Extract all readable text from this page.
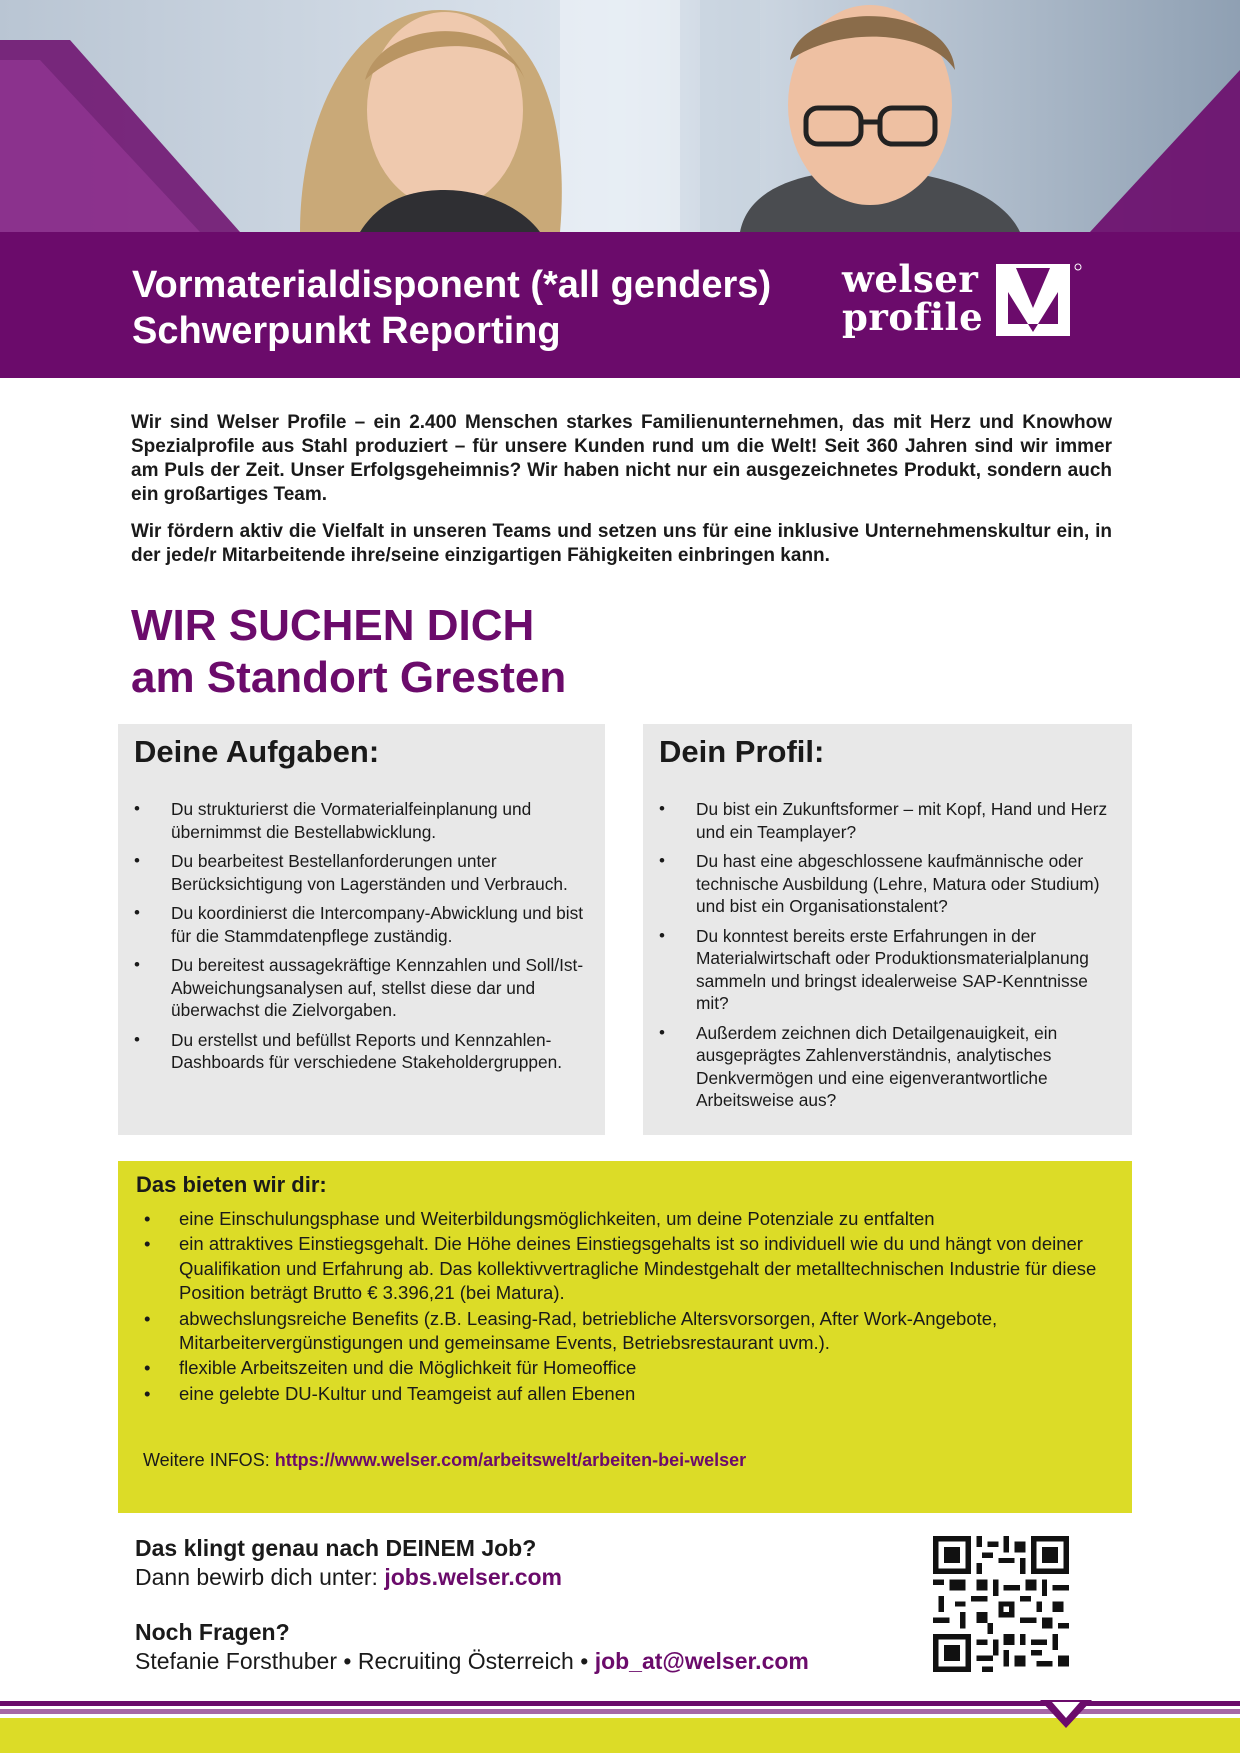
Vormaterialdisponent (*all genders)
Schwerpunkt Reporting
welser
profile

Wir sind Welser Profile – ein 2.400 Menschen starkes Familienunternehmen, das mit Herz und Knowhow Spezialprofile aus Stahl produziert – für unsere Kunden rund um die Welt! Seit 360 Jahren sind wir immer am Puls der Zeit. Unser Erfolgsgeheimnis? Wir haben nicht nur ein ausgezeichnetes Produkt, sondern auch ein großartiges Team.

Wir fördern aktiv die Vielfalt in unseren Teams und setzen uns für eine inklusive Unternehmenskultur ein, in der jede/r Mitarbeitende ihre/seine einzigartigen Fähigkeiten einbringen kann.

WIR SUCHEN DICH
am Standort Gresten
Deine Aufgaben:
• Du strukturierst die Vormaterialfeinplanung und übernimmst die Bestellabwicklung.
• Du bearbeitest Bestellanforderungen unter Berücksichtigung von Lagerständen und Verbrauch.
• Du koordinierst die Intercompany-Abwicklung und bist für die Stammdatenpflege zuständig.
• Du bereitest aussagekräftige Kennzahlen und Soll/Ist-Abweichungsanalysen auf, stellst diese dar und überwachst die Zielvorgaben.
• Du erstellst und befüllst Reports und Kennzahlen-Dashboards für verschiedene Stakeholdergruppen.
Dein Profil:
• Du bist ein Zukunftsformer – mit Kopf, Hand und Herz und ein Teamplayer?
• Du hast eine abgeschlossene kaufmännische oder technische Ausbildung (Lehre, Matura oder Studium) und bist ein Organisationstalent?
• Du konntest bereits erste Erfahrungen in der Materialwirtschaft oder Produktionsmaterialplanung sammeln und bringst idealerweise SAP-Kenntnisse mit?
• Außerdem zeichnen dich Detailgenauigkeit, ein ausgeprägtes Zahlenverständnis, analytisches Denkvermögen und eine eigenverantwortliche Arbeitsweise aus?
Das bieten wir dir:
• eine Einschulungsphase und Weiterbildungsmöglichkeiten, um deine Potenziale zu entfalten
• ein attraktives Einstiegsgehalt. Die Höhe deines Einstiegsgehalts ist so individuell wie du und hängt von deiner Qualifikation und Erfahrung ab. Das kollektivvertragliche Mindestgehalt der metalltechnischen Industrie für diese Position beträgt Brutto € 3.396,21 (bei Matura).
• abwechslungsreiche Benefits (z.B. Leasing-Rad, betriebliche Altersvorsorgen, After Work-Angebote, Mitarbeitervergünstigungen und gemeinsame Events, Betriebsrestaurant uvm.).
• flexible Arbeitszeiten und die Möglichkeit für Homeoffice
• eine gelebte DU-Kultur und Teamgeist auf allen Ebenen
Weitere INFOS: https://www.welser.com/arbeitswelt/arbeiten-bei-welser
Das klingt genau nach DEINEM Job?
Dann bewirb dich unter: jobs.welser.com
Noch Fragen?
Stefanie Forsthuber • Recruiting Österreich • job_at@welser.com
